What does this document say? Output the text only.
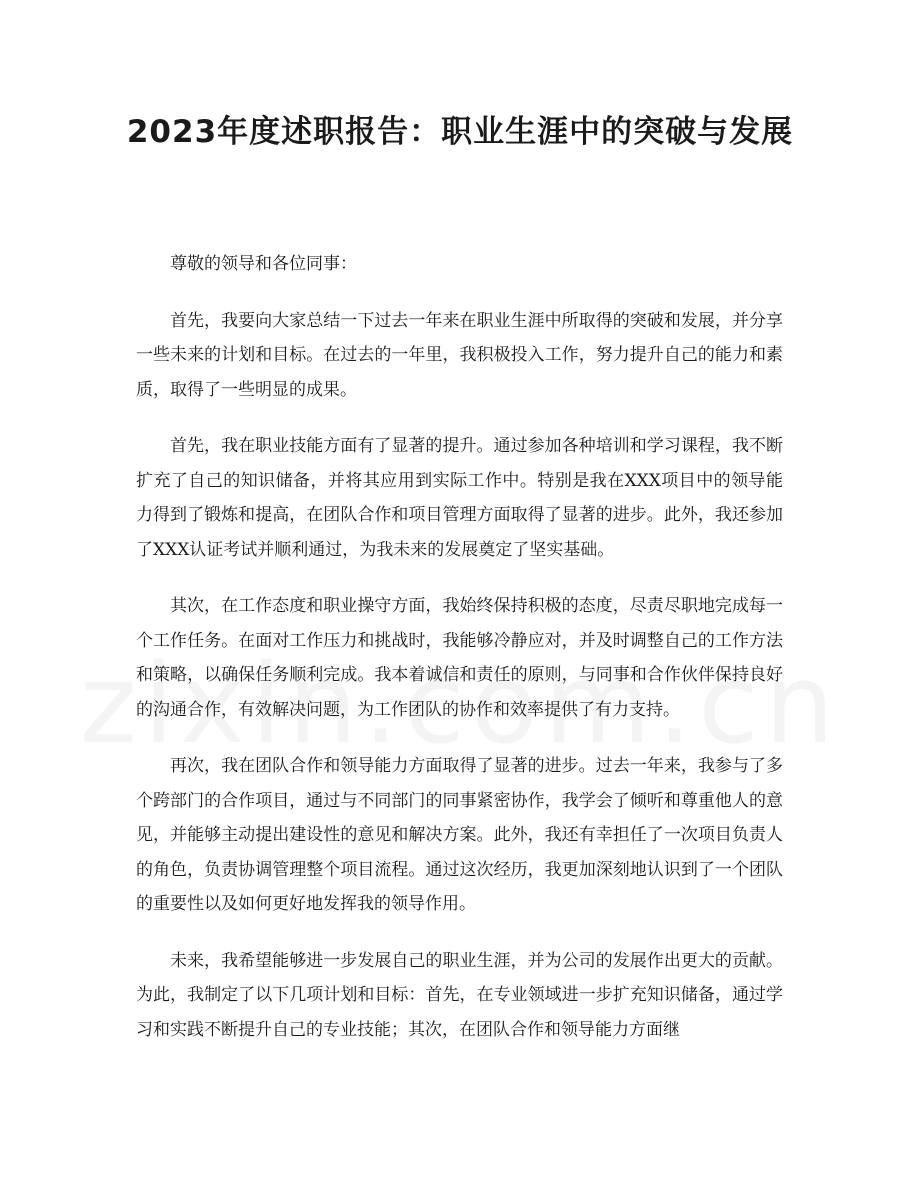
2023年度述职报告：职业生涯中的突破与发展

尊敬的领导和各位同事：

首先，我要向大家总结一下过去一年来在职业生涯中所取得的突破和发展，并分享一些未来的计划和目标。在过去的一年里，我积极投入工作，努力提升自己的能力和素质，取得了一些明显的成果。

首先，我在职业技能方面有了显著的提升。通过参加各种培训和学习课程，我不断扩充了自己的知识储备，并将其应用到实际工作中。特别是我在XXX项目中的领导能力得到了锻炼和提高，在团队合作和项目管理方面取得了显著的进步。此外，我还参加了XXX认证考试并顺利通过，为我未来的发展奠定了坚实基础。

其次，在工作态度和职业操守方面，我始终保持积极的态度，尽责尽职地完成每一个工作任务。在面对工作压力和挑战时，我能够冷静应对，并及时调整自己的工作方法和策略，以确保任务顺利完成。我本着诚信和责任的原则，与同事和合作伙伴保持良好的沟通合作，有效解决问题，为工作团队的协作和效率提供了有力支持。

再次，我在团队合作和领导能力方面取得了显著的进步。过去一年来，我参与了多个跨部门的合作项目，通过与不同部门的同事紧密协作，我学会了倾听和尊重他人的意见，并能够主动提出建设性的意见和解决方案。此外，我还有幸担任了一次项目负责人的角色，负责协调管理整个项目流程。通过这次经历，我更加深刻地认识到了一个团队的重要性以及如何更好地发挥我的领导作用。

未来，我希望能够进一步发展自己的职业生涯，并为公司的发展作出更大的贡献。为此，我制定了以下几项计划和目标：首先，在专业领域进一步扩充知识储备，通过学习和实践不断提升自己的专业技能；其次，在团队合作和领导能力方面继
